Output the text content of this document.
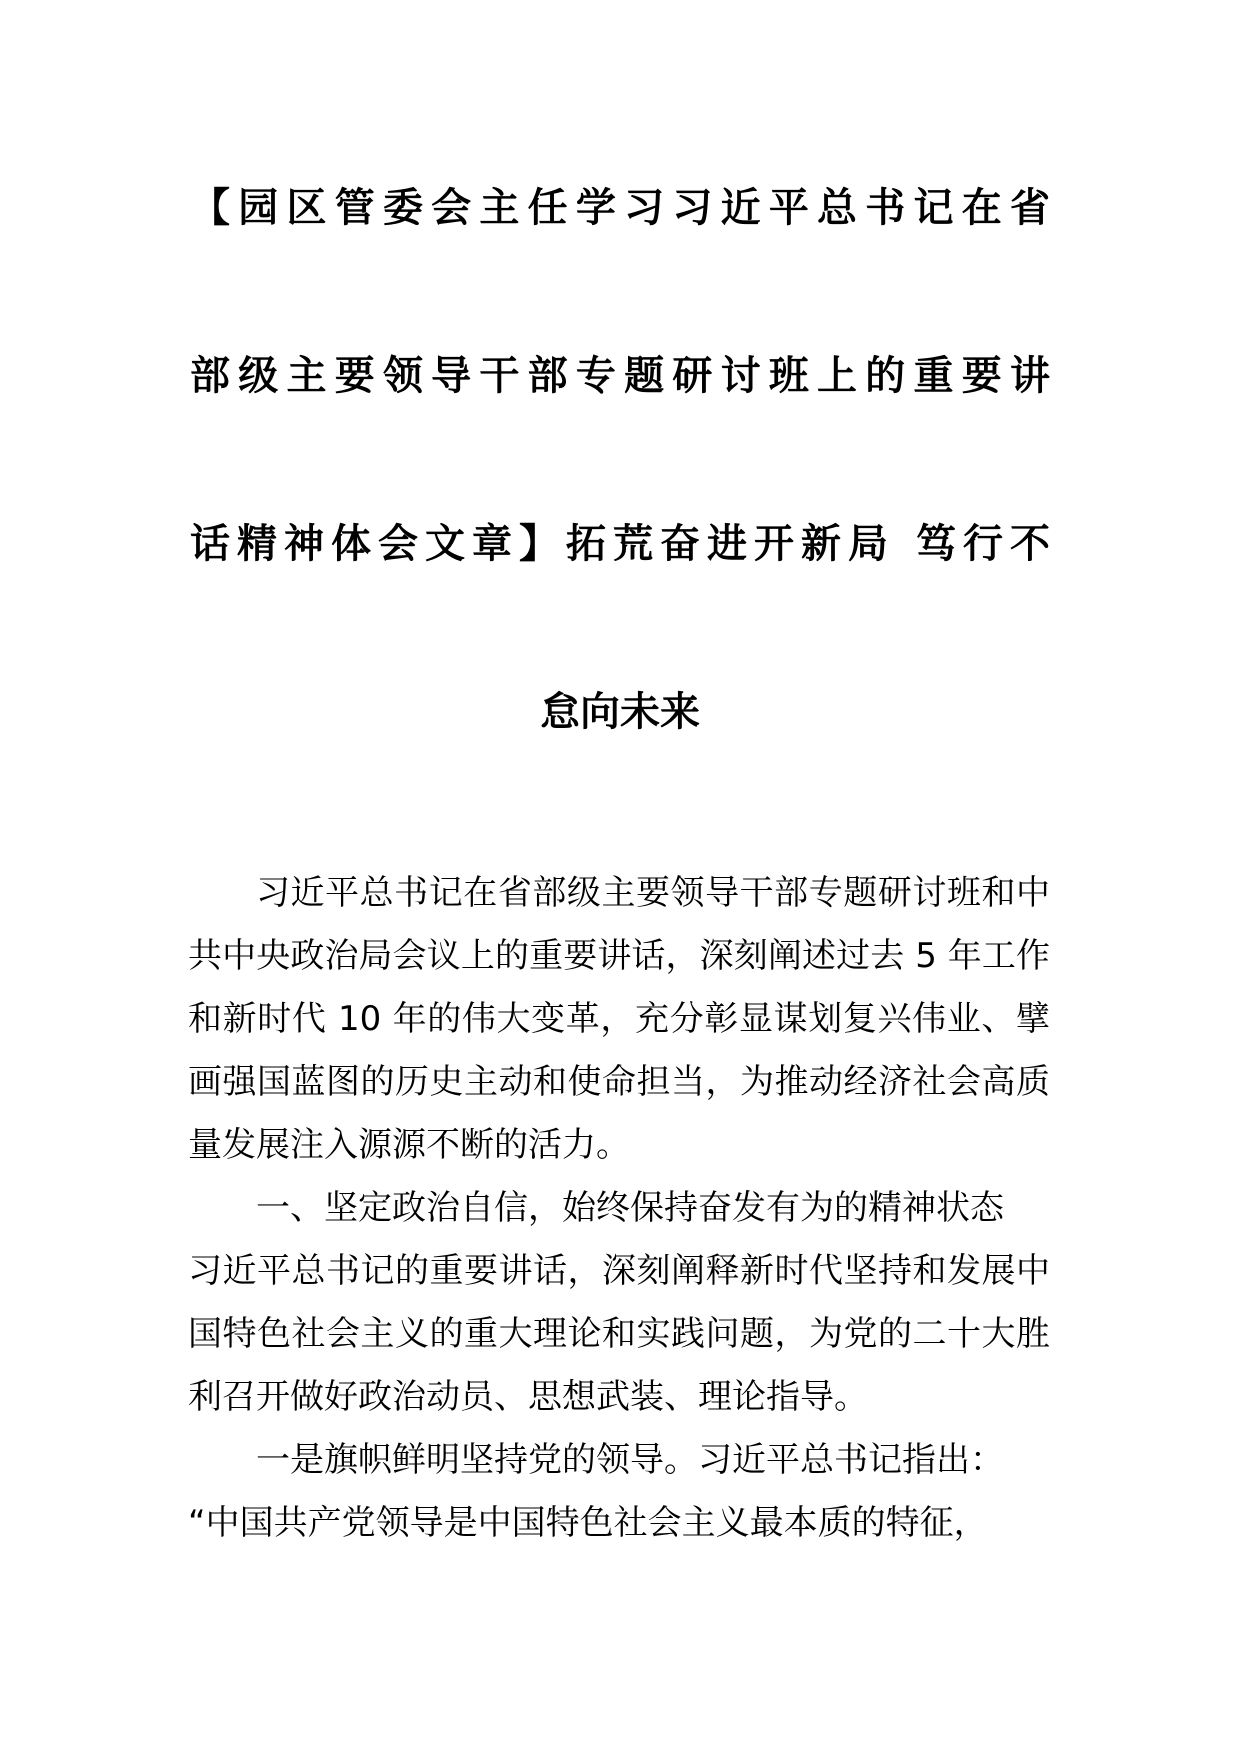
【园区管委会主任学习习近平总书记在省
部级主要领导干部专题研讨班上的重要讲
话精神体会文章】拓荒奋进开新局 笃行不
怠向未来

习近平总书记在省部级主要领导干部专题研讨班和中共中央政治局会议上的重要讲话，深刻阐述过去 5 年工作和新时代 10 年的伟大变革，充分彰显谋划复兴伟业、擘画强国蓝图的历史主动和使命担当，为推动经济社会高质量发展注入源源不断的活力。

一、坚定政治自信，始终保持奋发有为的精神状态

习近平总书记的重要讲话，深刻阐释新时代坚持和发展中国特色社会主义的重大理论和实践问题，为党的二十大胜利召开做好政治动员、思想武装、理论指导。

一是旗帜鲜明坚持党的领导。习近平总书记指出：

“中国共产党领导是中国特色社会主义最本质的特征，
